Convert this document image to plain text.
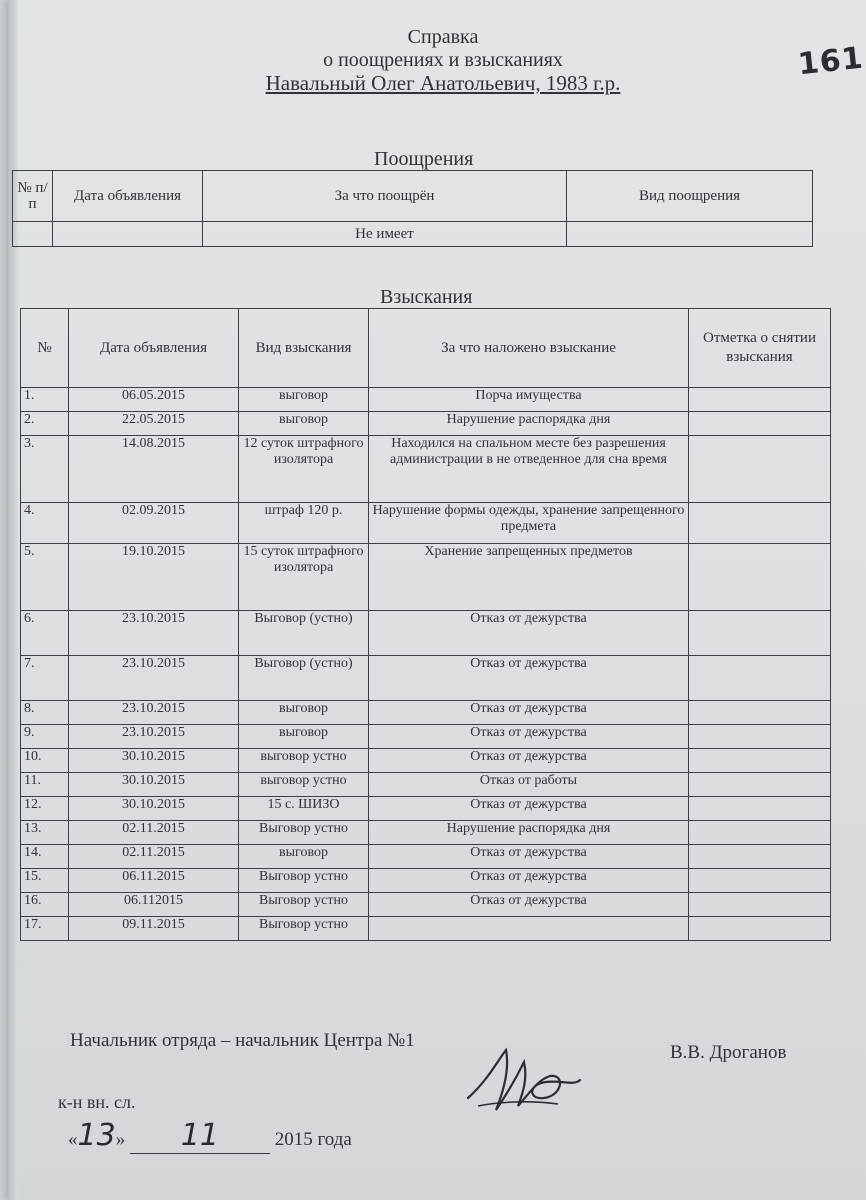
Справка
о поощрениях и взысканиях
Навальный Олег Анатольевич, 1983 г.р.
161
Поощрения
№ п/п	Дата объявления	За что поощрён	Вид поощрения
		Не имеет	
Взыскания
№	Дата объявления	Вид взыскания	За что наложено взыскание	Отметка о снятии взыскания
1.	06.05.2015	выговор	Порча имущества	
2.	22.05.2015	выговор	Нарушение распорядка дня	
3.	14.08.2015	12 суток штрафного изолятора	Находился на спальном месте без разрешения администрации в не отведенное для сна время	
4.	02.09.2015	штраф 120 р.	Нарушение формы одежды, хранение запрещенного предмета	
5.	19.10.2015	15 суток штрафного изолятора	Хранение запрещенных предметов	
6.	23.10.2015	Выговор (устно)	Отказ от дежурства	
7.	23.10.2015	Выговор (устно)	Отказ от дежурства	
8.	23.10.2015	выговор	Отказ от дежурства	
9.	23.10.2015	выговор	Отказ от дежурства	
10.	30.10.2015	выговор устно	Отказ от дежурства	
11.	30.10.2015	выговор устно	Отказ от работы	
12.	30.10.2015	15 с. ШИЗО	Отказ от дежурства	
13.	02.11.2015	Выговор устно	Нарушение распорядка дня	
14.	02.11.2015	выговор	Отказ от дежурства	
15.	06.11.2015	Выговор устно	Отказ от дежурства	
16.	06.112015	Выговор устно	Отказ от дежурства	
17.	09.11.2015	Выговор устно		
Начальник отряда – начальник Центра №1
к-н вн. сл.
В.В. Дроганов
«13» 11	2015 года
